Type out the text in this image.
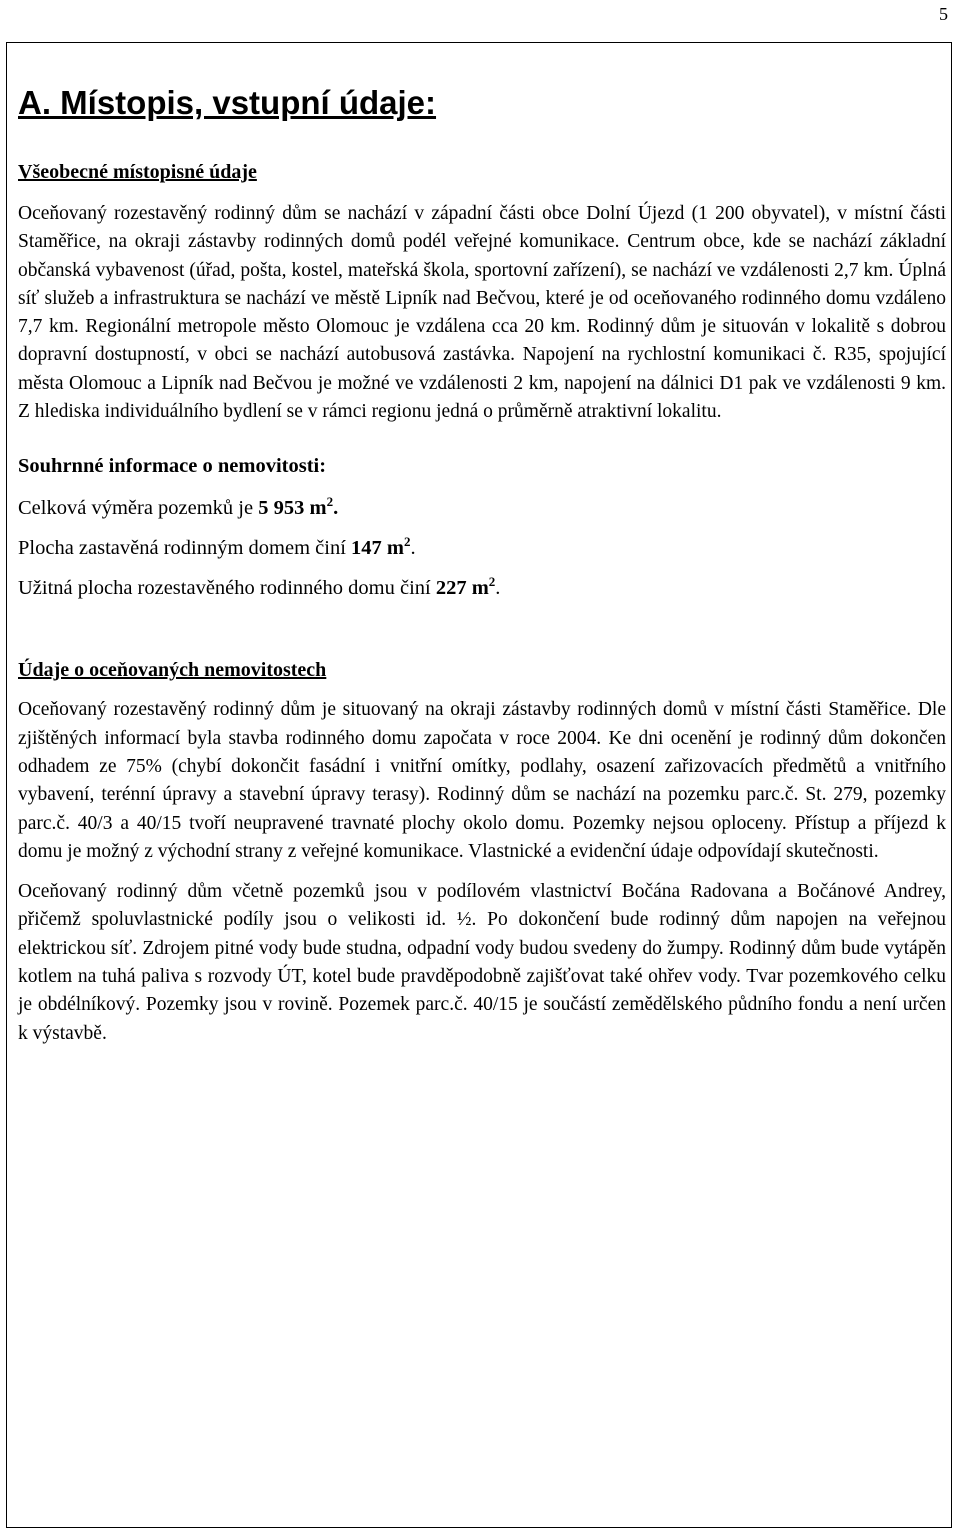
5
A. Místopis, vstupní údaje:
Všeobecné místopisné údaje

Oceňovaný rozestavěný rodinný dům se nachází v západní části obce Dolní Újezd (1 200 obyvatel), v místní části Staměřice, na okraji zástavby rodinných domů podél veřejné komunikace. Centrum obce, kde se nachází základní občanská vybavenost (úřad, pošta, kostel, mateřská škola, sportovní zařízení), se nachází ve vzdálenosti 2,7 km. Úplná síť služeb a infrastruktura se nachází ve městě Lipník nad Bečvou, které je od oceňovaného rodinného domu vzdáleno 7,7 km. Regionální metropole město Olomouc je vzdálena cca 20 km. Rodinný dům je situován v lokalitě s dobrou dopravní dostupností, v obci se nachází autobusová zastávka. Napojení na rychlostní komunikaci č. R35, spojující města Olomouc a Lipník nad Bečvou je možné ve vzdálenosti 2 km, napojení na dálnici D1 pak ve vzdálenosti 9 km. Z hlediska individuálního bydlení se v rámci regionu jedná o průměrně atraktivní lokalitu.

Souhrnné informace o nemovitosti:

Celková výměra pozemků je 5 953 $m^2$.

Plocha zastavěná rodinným domem činí 147 $m^2$.

Užitná plocha rozestavěného rodinného domu činí 227 $m^2$.

Údaje o oceňovaných nemovitostech

Oceňovaný rozestavěný rodinný dům je situovaný na okraji zástavby rodinných domů v místní části Staměřice. Dle zjištěných informací byla stavba rodinného domu započata v roce 2004. Ke dni ocenění je rodinný dům dokončen odhadem ze 75% (chybí dokončit fasádní i vnitřní omítky, podlahy, osazení zařizovacích předmětů a vnitřního vybavení, terénní úpravy a stavební úpravy terasy). Rodinný dům se nachází na pozemku parc.č. St. 279, pozemky parc.č. 40/3 a 40/15 tvoří neupravené travnaté plochy okolo domu. Pozemky nejsou oploceny. Přístup a příjezd k domu je možný z východní strany z veřejné komunikace. Vlastnické a evidenční údaje odpovídají skutečnosti.

Oceňovaný rodinný dům včetně pozemků jsou v podílovém vlastnictví Bočána Radovana a Bočánové Andrey, přičemž spoluvlastnické podíly jsou o velikosti id. ½. Po dokončení bude rodinný dům napojen na veřejnou elektrickou síť. Zdrojem pitné vody bude studna, odpadní vody budou svedeny do žumpy. Rodinný dům bude vytápěn kotlem na tuhá paliva s rozvody ÚT, kotel bude pravděpodobně zajišťovat také ohřev vody. Tvar pozemkového celku je obdélníkový. Pozemky jsou v rovině. Pozemek parc.č. 40/15 je součástí zemědělského půdního fondu a není určen k výstavbě.
